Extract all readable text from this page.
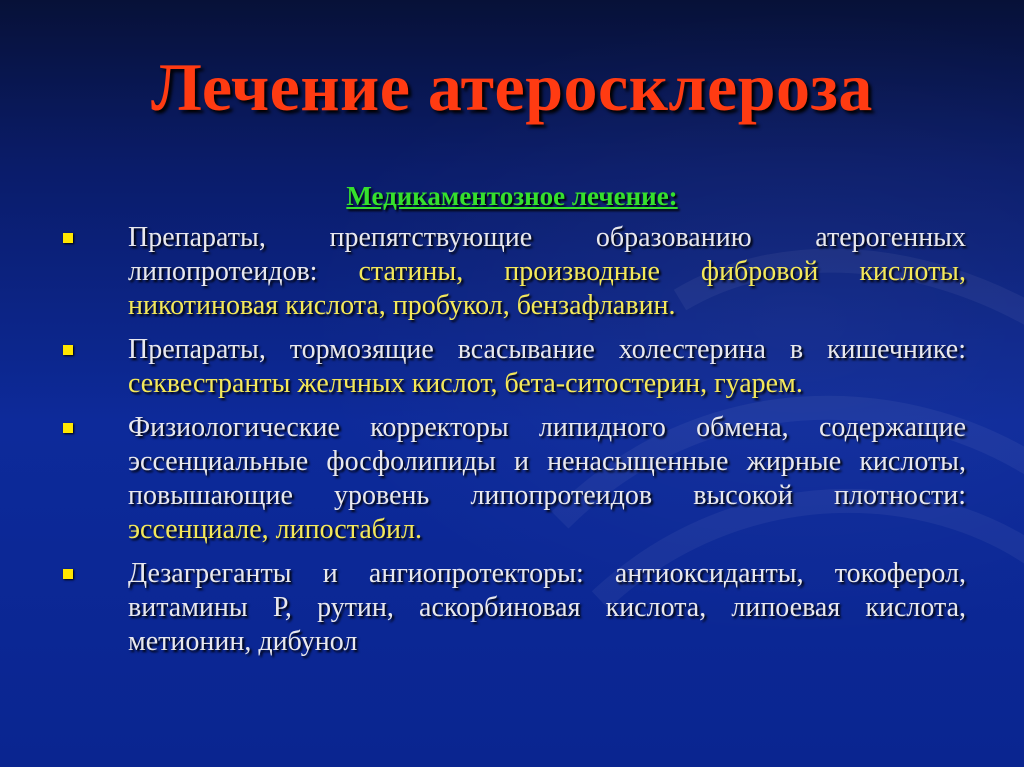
Лечение атеросклероза
Медикаментозное лечение:
Препараты, препятствующие образованию атерогенных липопротеидов: статины, производные фибровой кислоты, никотиновая кислота, пробукол, бензафлавин.
Препараты, тормозящие всасывание холестерина в кишечнике: секвестранты желчных кислот, бета-ситостерин, гуарем.
Физиологические корректоры липидного обмена, содержащие эссенциальные фосфолипиды и ненасыщенные жирные кислоты, повышающие уровень липопротеидов высокой плотности: эссенциале, липостабил.
Дезагреганты и ангиопротекторы: антиоксиданты, токоферол, витамины Р, рутин, аскорбиновая кислота, липоевая кислота, метионин, дибунол
